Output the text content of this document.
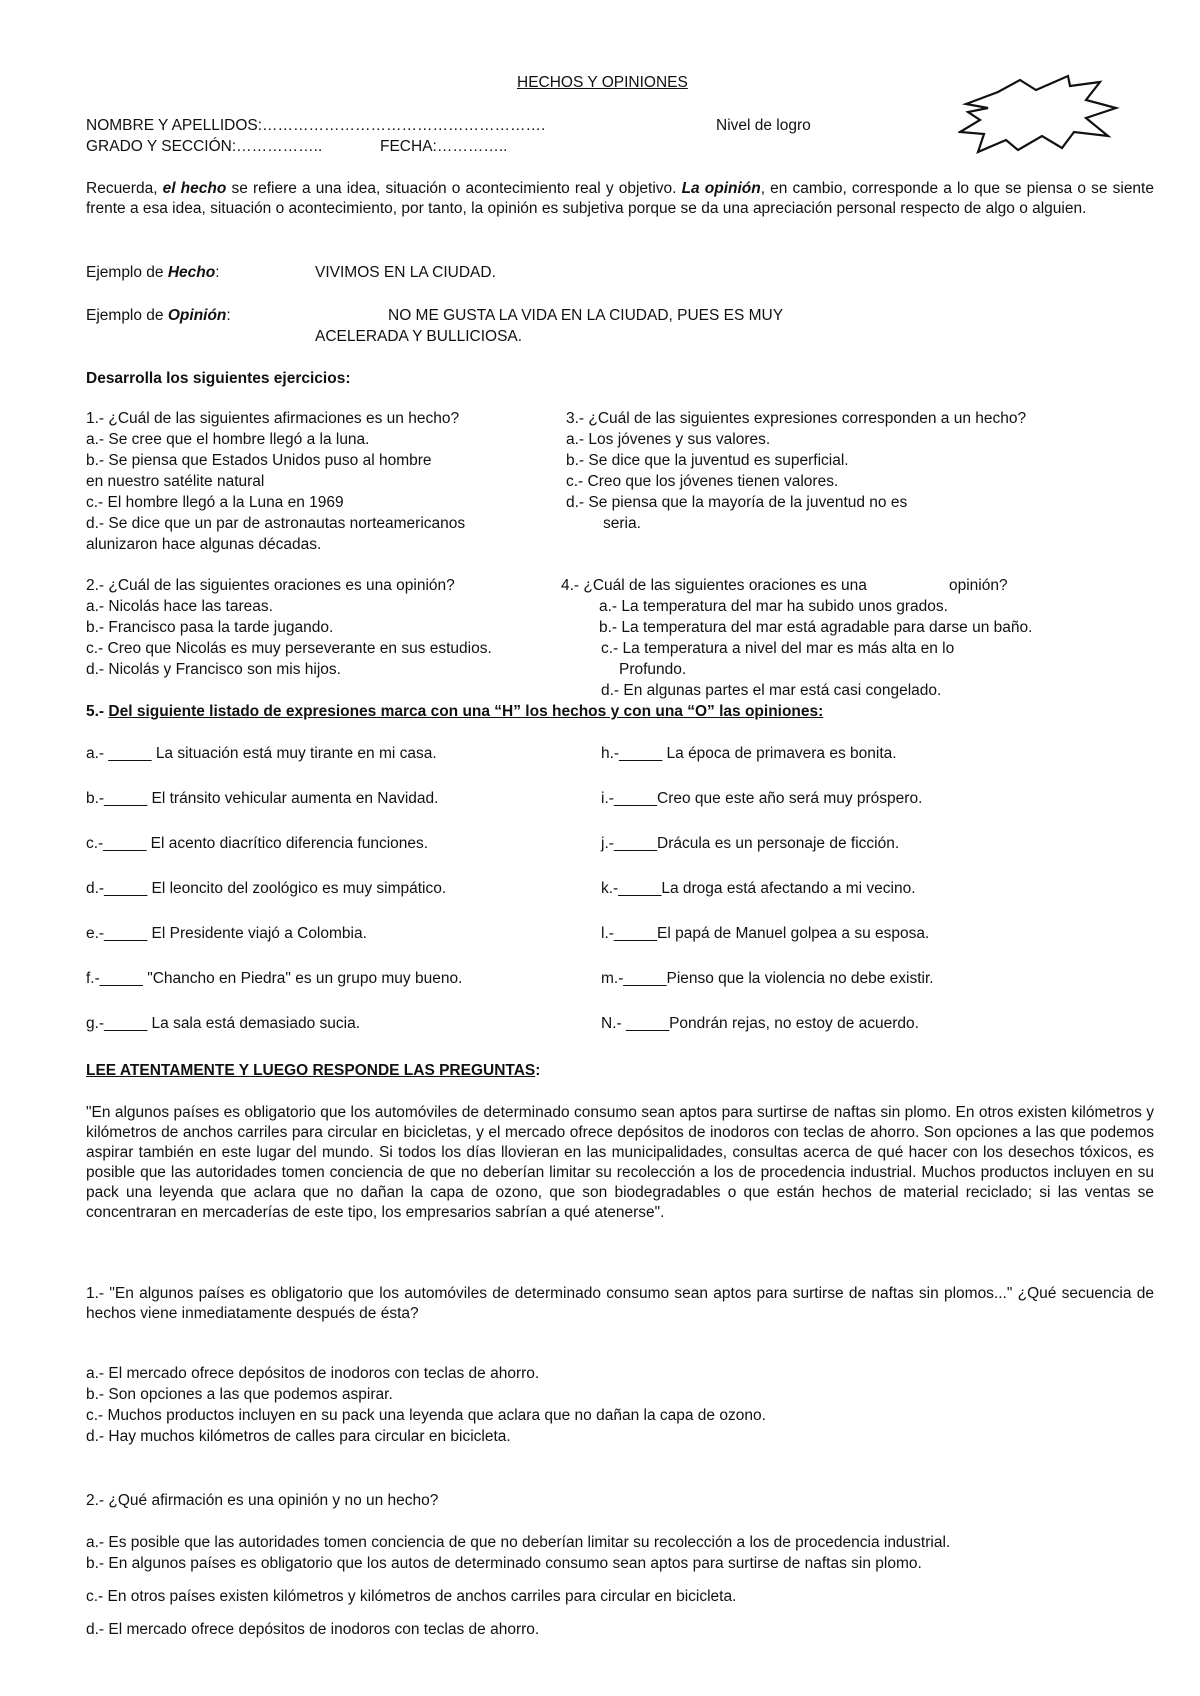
HECHOS Y OPINIONES
NOMBRE Y APELLIDOS:……………………………………………….	Nivel de logro
GRADO Y SECCIÓN:……………..	FECHA:…………..
Recuerda, el hecho se refiere a una idea, situación o acontecimiento real y objetivo. La opinión, en cambio, corresponde a lo que se piensa o se siente frente a esa idea, situación o acontecimiento, por tanto, la opinión es subjetiva porque se da una apreciación personal respecto de algo o alguien.
Ejemplo de Hecho:	VIVIMOS EN LA CIUDAD.
Ejemplo de Opinión:	NO ME GUSTA LA VIDA EN LA CIUDAD, PUES ES MUY
ACELERADA Y BULLICIOSA.
Desarrolla los siguientes ejercicios:
1.- ¿Cuál de las siguientes afirmaciones es un hecho?
a.- Se cree que el hombre llegó a la luna.
b.- Se piensa que Estados Unidos puso al hombre
en nuestro satélite natural
c.- El hombre llegó a la Luna en 1969
d.- Se dice que un par de astronautas norteamericanos
alunizaron hace algunas décadas.
3.- ¿Cuál de las siguientes expresiones corresponden a un hecho?
a.- Los jóvenes y sus valores.
b.- Se dice que la juventud es superficial.
c.- Creo que los jóvenes tienen valores.
d.- Se piensa que la mayoría de la juventud no es
seria.
2.- ¿Cuál de las siguientes oraciones es una opinión?
a.- Nicolás hace las tareas.
b.- Francisco pasa la tarde jugando.
c.- Creo que Nicolás es muy perseverante en sus estudios.
d.- Nicolás y Francisco son mis hijos.
4.- ¿Cuál de las siguientes oraciones es una	opinión?
a.- La temperatura del mar ha subido unos grados.
b.- La temperatura del mar está agradable para darse un baño.
c.- La temperatura a nivel del mar es más alta en lo
Profundo.
d.- En algunas partes el mar está casi congelado.
5.- Del siguiente listado de expresiones marca con una “H” los hechos y con una “O” las opiniones:
a.- _____ La situación está muy tirante en mi casa.
b.-_____ El tránsito vehicular aumenta en Navidad.
c.-_____ El acento diacrítico diferencia funciones.
d.-_____ El leoncito del zoológico es muy simpático.
e.-_____ El Presidente viajó a Colombia.
f.-_____ "Chancho en Piedra" es un grupo muy bueno.
g.-_____ La sala está demasiado sucia.
h.-_____ La época de primavera es bonita.
i.-_____Creo que este año será muy próspero.
j.-_____Drácula es un personaje de ficción.
k.-_____La droga está afectando a mi vecino.
l.-_____El papá de Manuel golpea a su esposa.
m.-_____Pienso que la violencia no debe existir.
N.- _____Pondrán rejas, no estoy de acuerdo.
LEE ATENTAMENTE Y LUEGO RESPONDE LAS PREGUNTAS:
"En algunos países es obligatorio que los automóviles de determinado consumo sean aptos para surtirse de naftas sin plomo. En otros existen kilómetros y kilómetros de anchos carriles para circular en bicicletas, y el mercado ofrece depósitos de inodoros con teclas de ahorro. Son opciones a las que podemos aspirar también en este lugar del mundo. Si todos los días llovieran en las municipalidades, consultas acerca de qué hacer con los desechos tóxicos, es posible que las autoridades tomen conciencia de que no deberían limitar su recolección a los de procedencia industrial. Muchos productos incluyen en su pack una leyenda que aclara que no dañan la capa de ozono, que son biodegradables o que están hechos de material reciclado; si las ventas se concentraran en mercaderías de este tipo, los empresarios sabrían a qué atenerse".
1.- "En algunos países es obligatorio que los automóviles de determinado consumo sean aptos para surtirse de naftas sin plomos..." ¿Qué secuencia de hechos viene inmediatamente después de ésta?
a.- El mercado ofrece depósitos de inodoros con teclas de ahorro.
b.- Son opciones a las que podemos aspirar.
c.- Muchos productos incluyen en su pack una leyenda que aclara que no dañan la capa de ozono.
d.- Hay muchos kilómetros de calles para circular en bicicleta.
2.- ¿Qué afirmación es una opinión y no un hecho?
a.- Es posible que las autoridades tomen conciencia de que no deberían limitar su recolección a los de procedencia industrial.
b.- En algunos países es obligatorio que los autos de determinado consumo sean aptos para surtirse de naftas sin plomo.
c.- En otros países existen kilómetros y kilómetros de anchos carriles para circular en bicicleta.
d.- El mercado ofrece depósitos de inodoros con teclas de ahorro.
